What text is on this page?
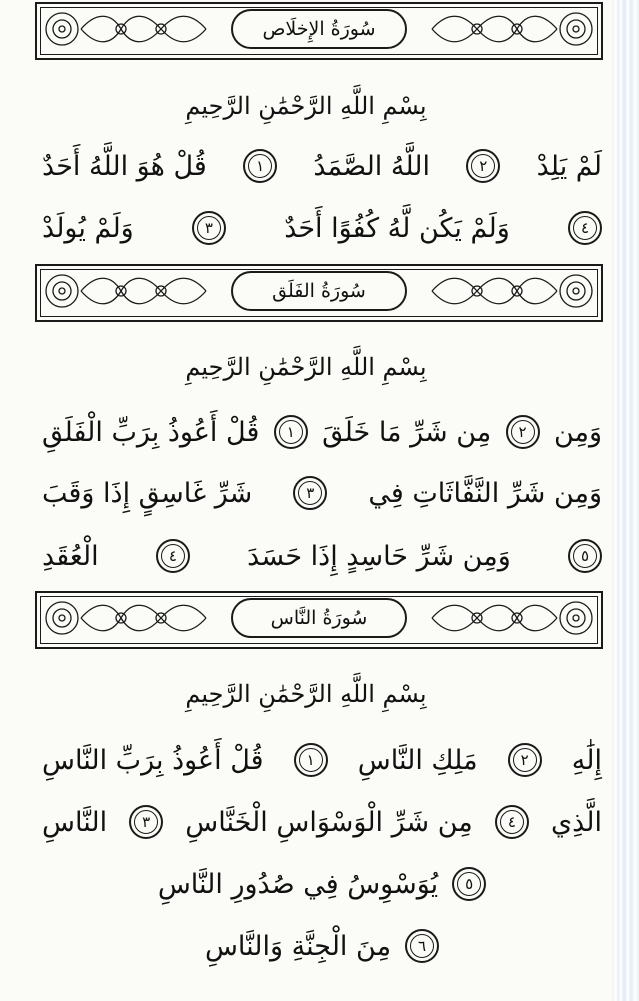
سُورَةُ الإِخلَاص
بِسْمِ اللَّهِ الرَّحْمَٰنِ الرَّحِيمِ
قُلْ هُوَ اللَّهُ أَحَدٌ	١ اللَّهُ الصَّمَدُ	٢ لَمْ يَلِدْ
وَلَمْ يُولَدْ	٣	وَلَمْ يَكُن لَّهُ كُفُوًا أَحَدٌ	٤
سُورَةُ الفَلَق
بِسْمِ اللَّهِ الرَّحْمَٰنِ الرَّحِيمِ
قُلْ أَعُوذُ بِرَبِّ الْفَلَقِ ١ مِن شَرِّ مَا خَلَقَ ٢ وَمِن
شَرِّ غَاسِقٍ إِذَا وَقَبَ	٣ وَمِن شَرِّ النَّفَّاثَاتِ فِي
الْعُقَدِ	٤	وَمِن شَرِّ حَاسِدٍ إِذَا حَسَدَ	٥
سُورَةُ النَّاس
بِسْمِ اللَّهِ الرَّحْمَٰنِ الرَّحِيمِ
قُلْ أَعُوذُ بِرَبِّ النَّاسِ	١ مَلِكِ النَّاسِ	٢ إِلَٰهِ
النَّاسِ ٣ مِن شَرِّ الْوَسْوَاسِ الْخَنَّاسِ ٤ الَّذِي
يُوَسْوِسُ فِي صُدُورِ النَّاسِ ٥
مِنَ الْجِنَّةِ وَالنَّاسِ ٦
